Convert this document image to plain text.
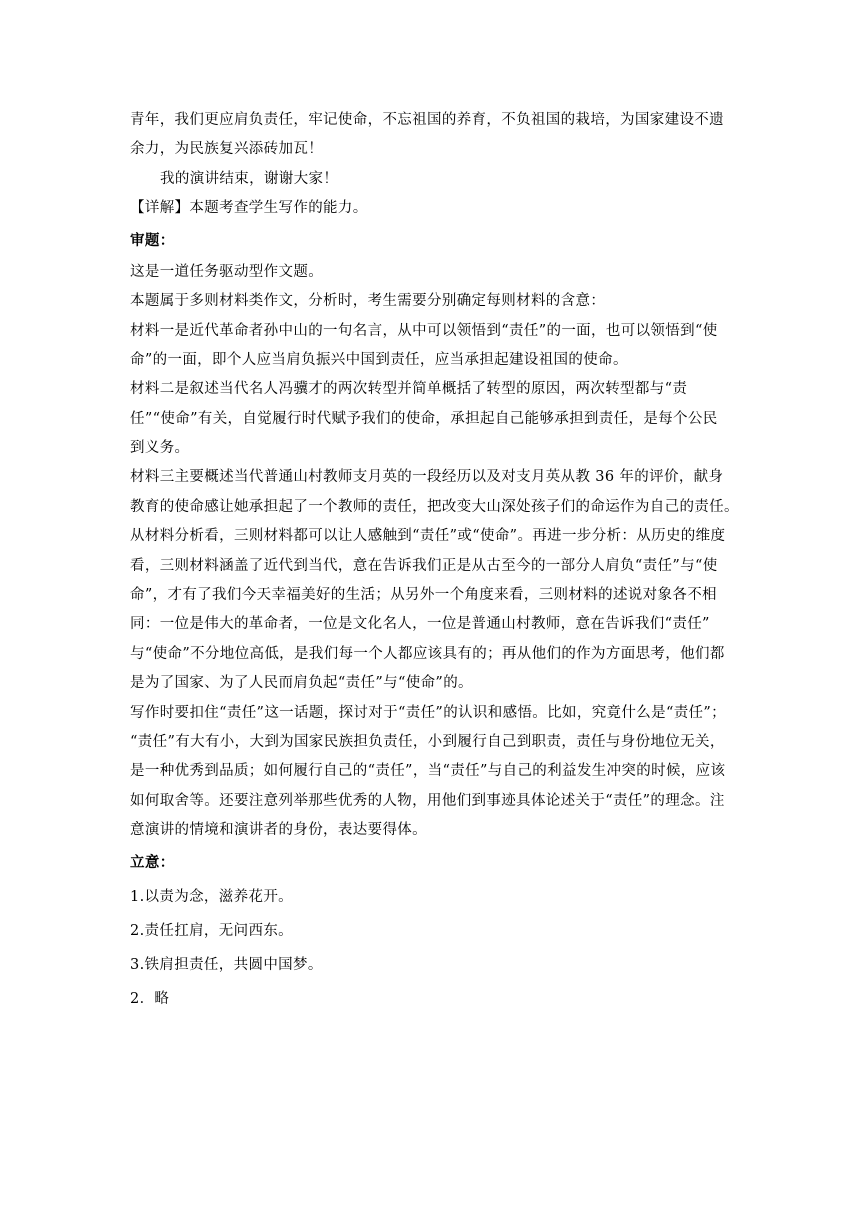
青年，我们更应肩负责任，牢记使命，不忘祖国的养育，不负祖国的栽培，为国家建设不遗
余力，为民族复兴添砖加瓦！
我的演讲结束，谢谢大家！
【详解】本题考查学生写作的能力。
审题：
这是一道任务驱动型作文题。
本题属于多则材料类作文，分析时，考生需要分别确定每则材料的含意：
材料一是近代革命者孙中山的一句名言，从中可以领悟到“责任”的一面，也可以领悟到“使
命”的一面，即个人应当肩负振兴中国到责任，应当承担起建设祖国的使命。
材料二是叙述当代名人冯骥才的两次转型并简单概括了转型的原因，两次转型都与“责
任”“使命”有关，自觉履行时代赋予我们的使命，承担起自己能够承担到责任，是每个公民
到义务。
材料三主要概述当代普通山村教师支月英的一段经历以及对支月英从教 36 年的评价，献身
教育的使命感让她承担起了一个教师的责任，把改变大山深处孩子们的命运作为自己的责任。
从材料分析看，三则材料都可以让人感触到“责任”或“使命”。再进一步分析：从历史的维度
看，三则材料涵盖了近代到当代，意在告诉我们正是从古至今的一部分人肩负“责任”与“使
命”，才有了我们今天幸福美好的生活；从另外一个角度来看，三则材料的述说对象各不相
同：一位是伟大的革命者，一位是文化名人，一位是普通山村教师，意在告诉我们“责任”
与“使命”不分地位高低，是我们每一个人都应该具有的；再从他们的作为方面思考，他们都
是为了国家、为了人民而肩负起“责任”与“使命”的。
写作时要扣住“责任”这一话题，探讨对于“责任”的认识和感悟。比如，究竟什么是“责任”；
“责任”有大有小，大到为国家民族担负责任，小到履行自己到职责，责任与身份地位无关，
是一种优秀到品质；如何履行自己的“责任”，当“责任”与自己的利益发生冲突的时候，应该
如何取舍等。还要注意列举那些优秀的人物，用他们到事迹具体论述关于“责任”的理念。注
意演讲的情境和演讲者的身份，表达要得体。
立意：
1.以责为念，滋养花开。
2.责任扛肩，无问西东。
3.铁肩担责任，共圆中国梦。
2．略
